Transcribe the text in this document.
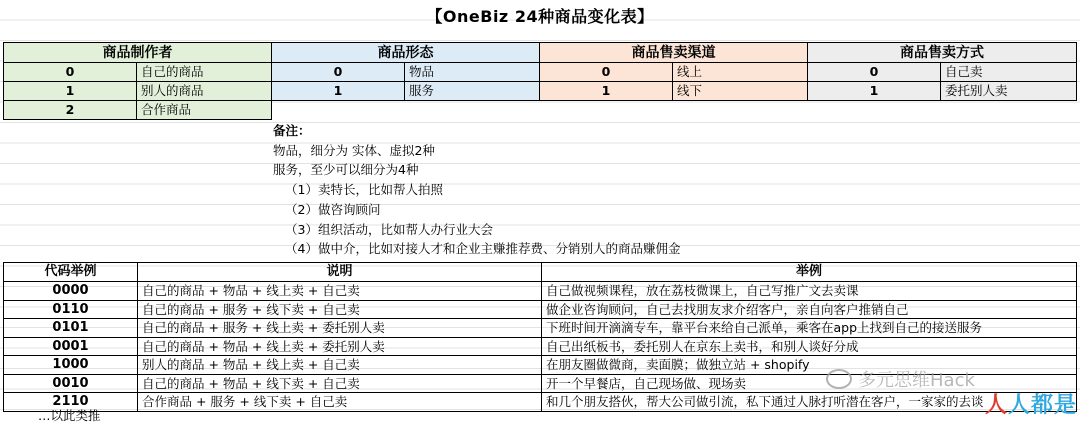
【OneBiz 24种商品变化表】
商品制作者		商品形态		商品售卖渠道		商品售卖方式	
0	自己的商品	0	物品	0	线上	0	自己卖
1	别人的商品	1	服务	1	线下	1	委托别人卖
2	合作商品						
备注：
物品，细分为 实体、虚拟2种
服务，至少可以细分为4种
（1）卖特长，比如帮人拍照
（2）做咨询顾问
（3）组织活动，比如帮人办行业大会
（4）做中介，比如对接人才和企业主赚推荐费、分销别人的商品赚佣金
代码举例	说明	举例
0000	自己的商品 + 物品 + 线上卖 + 自己卖	自己做视频课程，放在荔枝微课上，自己写推广文去卖课
0110	自己的商品 + 服务 + 线下卖 + 自己卖	做企业咨询顾问，自己去找朋友求介绍客户，亲自向客户推销自己
0101	自己的商品 + 服务 + 线上卖 + 委托别人卖	下班时间开滴滴专车，靠平台来给自己派单，乘客在app上找到自己的接送服务
0001	自己的商品 + 物品 + 线上卖 + 委托别人卖	自己出纸板书，委托别人在京东上卖书，和别人谈好分成
1000	别人的商品 + 物品 + 线上卖 + 自己卖	在朋友圈做微商，卖面膜；做独立站 + shopify
0010	自己的商品 + 物品 + 线下卖 + 自己卖	开一个早餐店，自己现场做、现场卖
2110	合作商品 + 服务 + 线下卖 + 自己卖	和几个朋友搭伙，帮大公司做引流，私下通过人脉打听潜在客户，一家家的去谈
…以此类推
多元思维Hack
人人都是
